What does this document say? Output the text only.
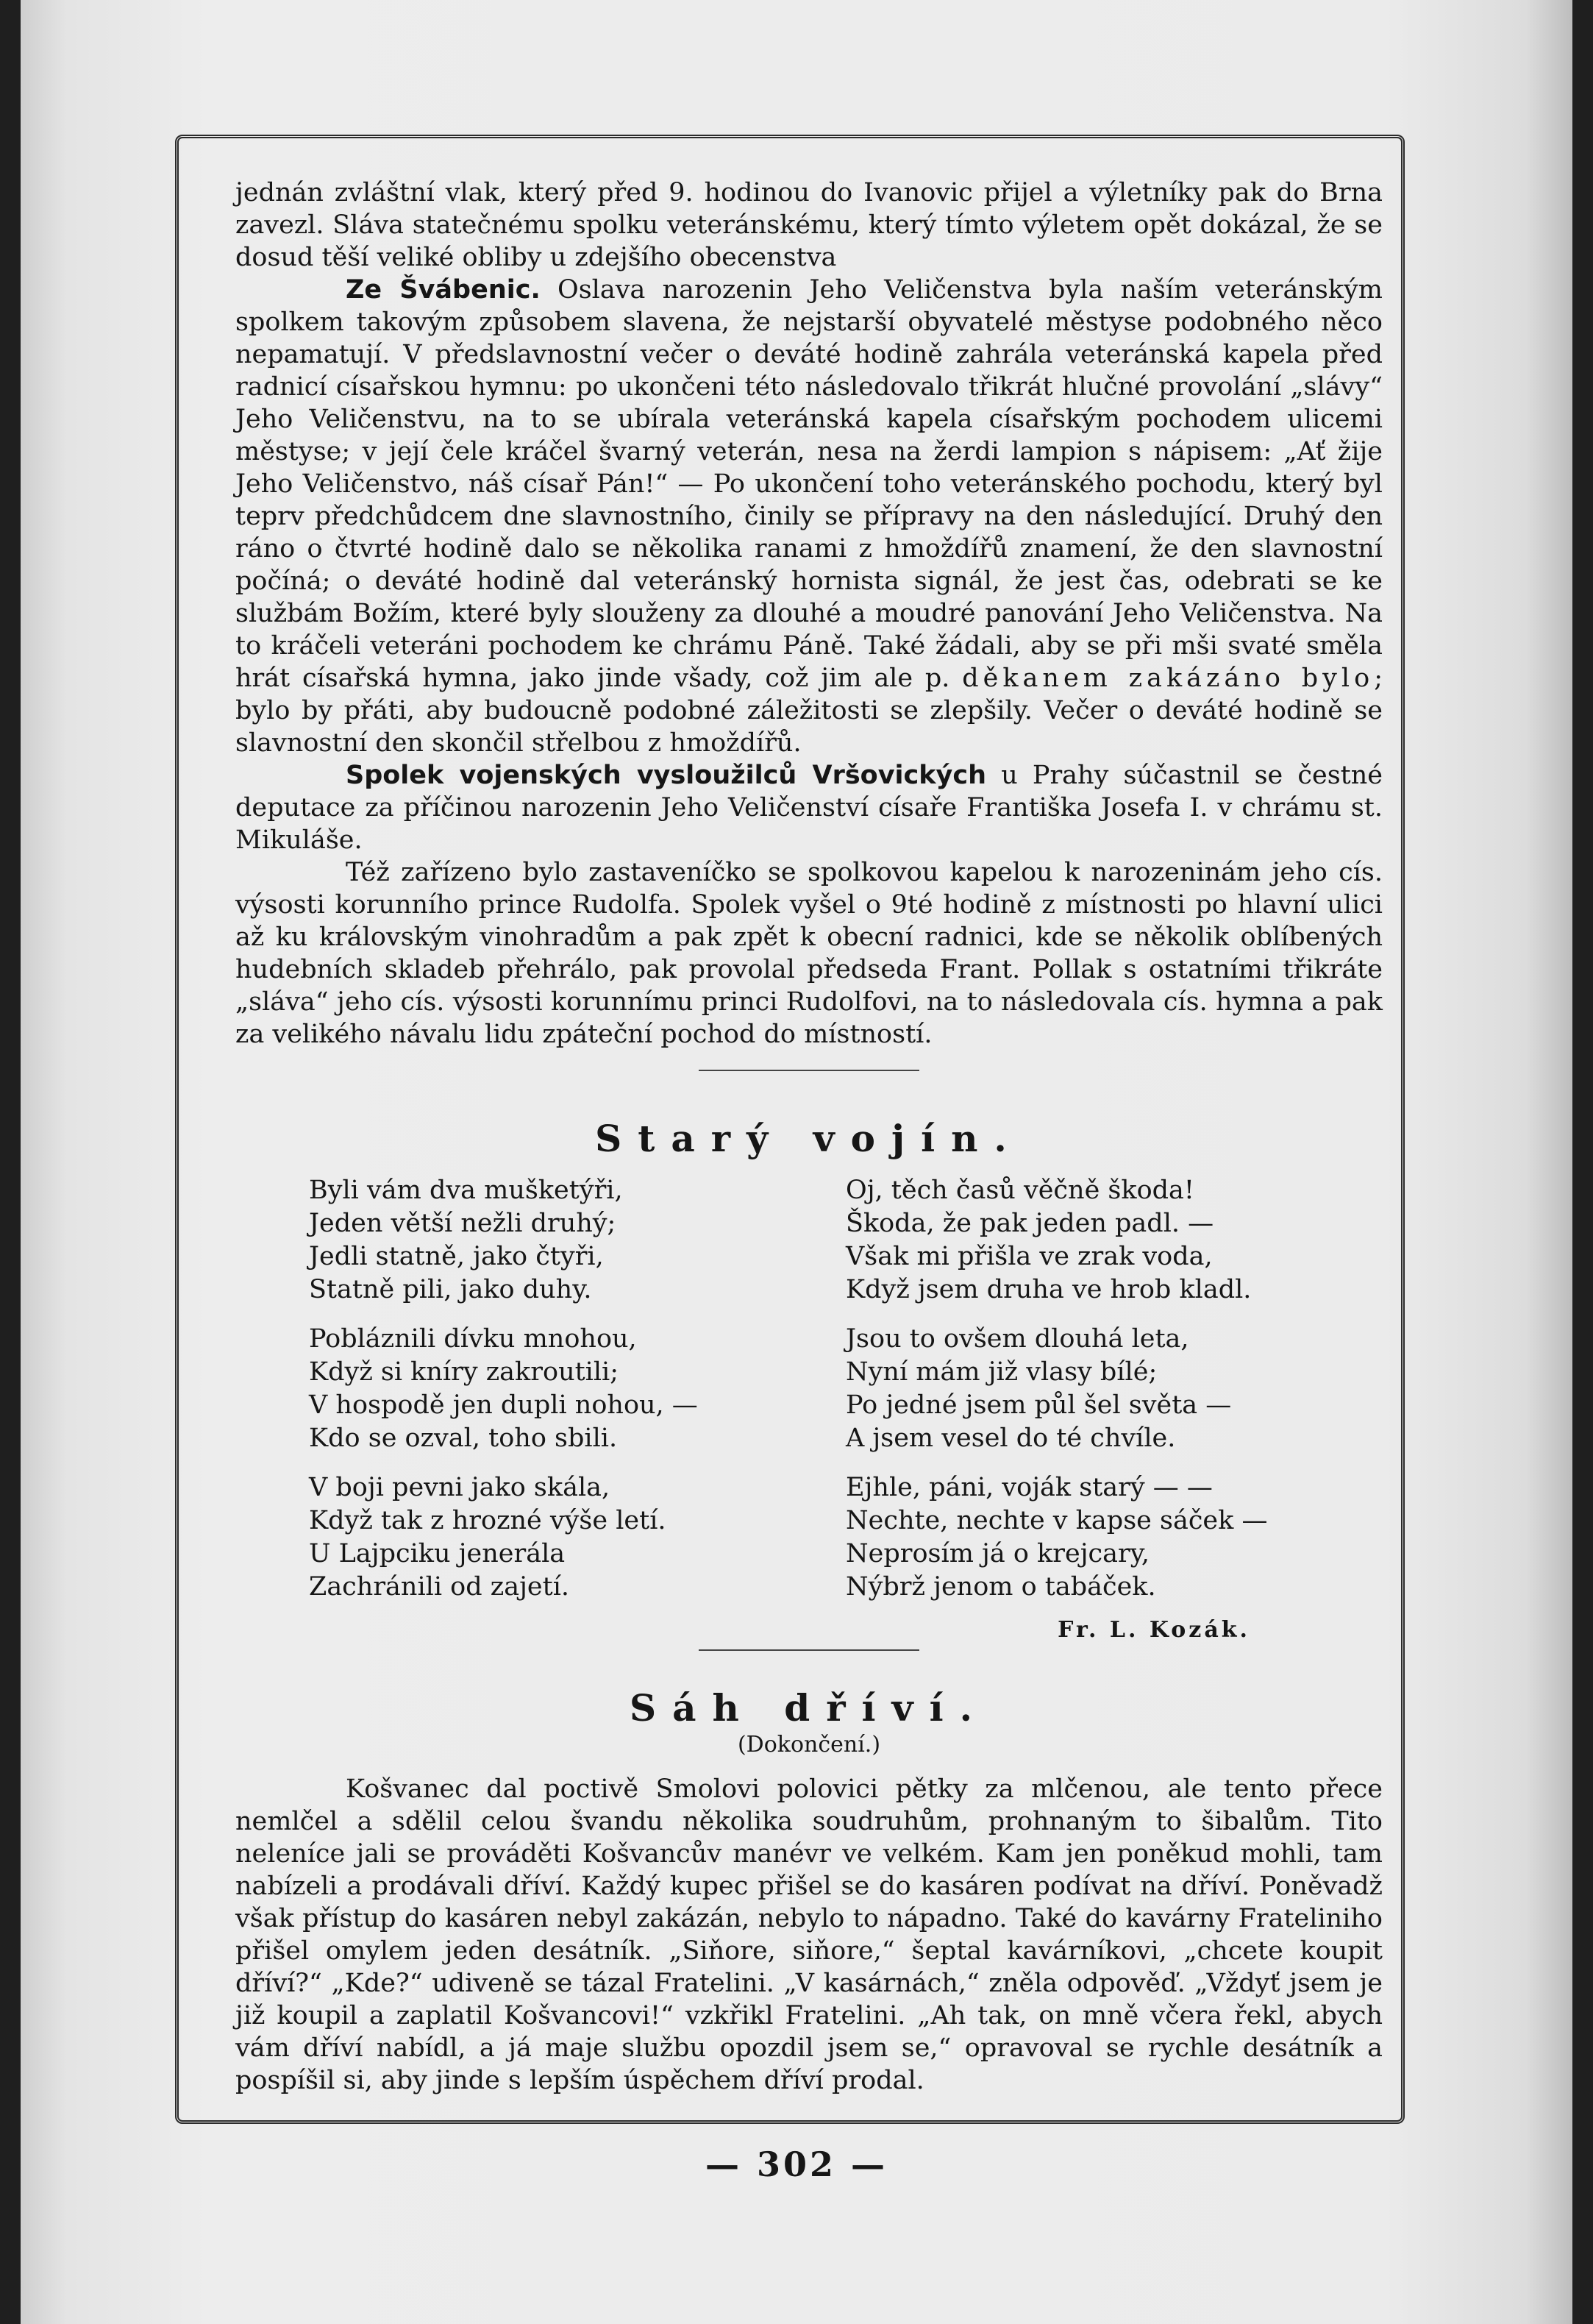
jednán zvláštní vlak, který před 9. hodinou do Ivanovic přijel a výletníky pak do Brna zavezl. Sláva statečnému spolku veteránskému, který tímto výletem opět dokázal, že se dosud těší veliké obliby u zdejšího obecenstva

Ze Švábenic. Oslava narozenin Jeho Veličenstva byla naším veteránským spolkem takovým způsobem slavena, že nejstarší obyvatelé městyse podobného něco nepamatují. V předslavnostní večer o deváté hodině zahrála veteránská kapela před radnicí císařskou hymnu: po ukončeni této následovalo třikrát hlučné provolání „slávy“ Jeho Veličenstvu, na to se ubírala veteránská kapela císařským pochodem ulicemi městyse; v její čele kráčel švarný veterán, nesa na žerdi lampion s nápisem: „Ať žije Jeho Veličenstvo, náš císař Pán!“ — Po ukončení toho veteránského pochodu, který byl teprv předchůdcem dne slavnostního, činily se přípravy na den následující. Druhý den ráno o čtvrté hodině dalo se několika ranami z hmoždířů znamení, že den slavnostní počíná; o deváté hodině dal veteránský hornista signál, že jest čas, odebrati se ke službám Božím, které byly slouženy za dlouhé a moudré panování Jeho Veličenstva. Na to kráčeli veteráni pochodem ke chrámu Páně. Také žádali, aby se při mši svaté směla hrát císařská hymna, jako jinde všady, což jim ale p. děkanem zakázáno bylo; bylo by přáti, aby budoucně podobné záležitosti se zlepšily. Večer o deváté hodině se slavnostní den skončil střelbou z hmoždířů.

Spolek vojenských vysloužilců Vršovických u Prahy súčastnil se čestné deputace za příčinou narozenin Jeho Veličenství císaře Františka Josefa I. v chrámu st. Mikuláše.

Též zařízeno bylo zastaveníčko se spolkovou kapelou k narozeninám jeho cís. výsosti korunního prince Rudolfa. Spolek vyšel o 9té hodině z místnosti po hlavní ulici až ku královským vinohradům a pak zpět k obecní radnici, kde se několik oblíbených hudebních skladeb přehrálo, pak provolal předseda Frant. Pollak s ostatními třikráte „sláva“ jeho cís. výsosti korunnímu princi Rudolfovi, na to následovala cís. hymna a pak za velikého návalu lidu zpáteční pochod do místností.

Starý vojín.
Byli vám dva mušketýři,
Jeden větší nežli druhý;
Jedli statně, jako čtyři,
Statně pili, jako duhy.
Pobláznili dívku mnohou,
Když si kníry zakroutili;
V hospodě jen dupli nohou, —
Kdo se ozval, toho sbili.
V boji pevni jako skála,
Když tak z hrozné výše letí.
U Lajpciku jenerála
Zachránili od zajetí.
Oj, těch časů věčně škoda!
Škoda, že pak jeden padl. —
Však mi přišla ve zrak voda,
Když jsem druha ve hrob kladl.
Jsou to ovšem dlouhá leta,
Nyní mám již vlasy bílé;
Po jedné jsem půl šel světa —
A jsem vesel do té chvíle.
Ejhle, páni, voják starý — —
Nechte, nechte v kapse sáček —
Neprosím já o krejcary,
Nýbrž jenom o tabáček.
Fr. L. Kozák.
Sáh dříví.
(Dokončení.)

Košvanec dal poctivě Smolovi polovici pětky za mlčenou, ale tento přece nemlčel a sdělil celou švandu několika soudruhům, prohnaným to šibalům. Tito neleníce jali se prováděti Košvancův manévr ve velkém. Kam jen poněkud mohli, tam nabízeli a prodávali dříví. Každý kupec přišel se do kasáren podívat na dříví. Poněvadž však přístup do kasáren nebyl zakázán, nebylo to nápadno. Také do kavárny Frateliniho přišel omylem jeden desátník. „Siňore, siňore,“ šeptal kavárníkovi, „chcete koupit dříví?“ „Kde?“ udiveně se tázal Fratelini. „V kasárnách,“ zněla odpověď. „Vždyť jsem je již koupil a zaplatil Košvancovi!“ vzkřikl Fratelini. „Ah tak, on mně včera řekl, abych vám dříví nabídl, a já maje službu opozdil jsem se,“ opravoval se rychle desátník a pospíšil si, aby jinde s lepším úspěchem dříví prodal.

— 302 —
